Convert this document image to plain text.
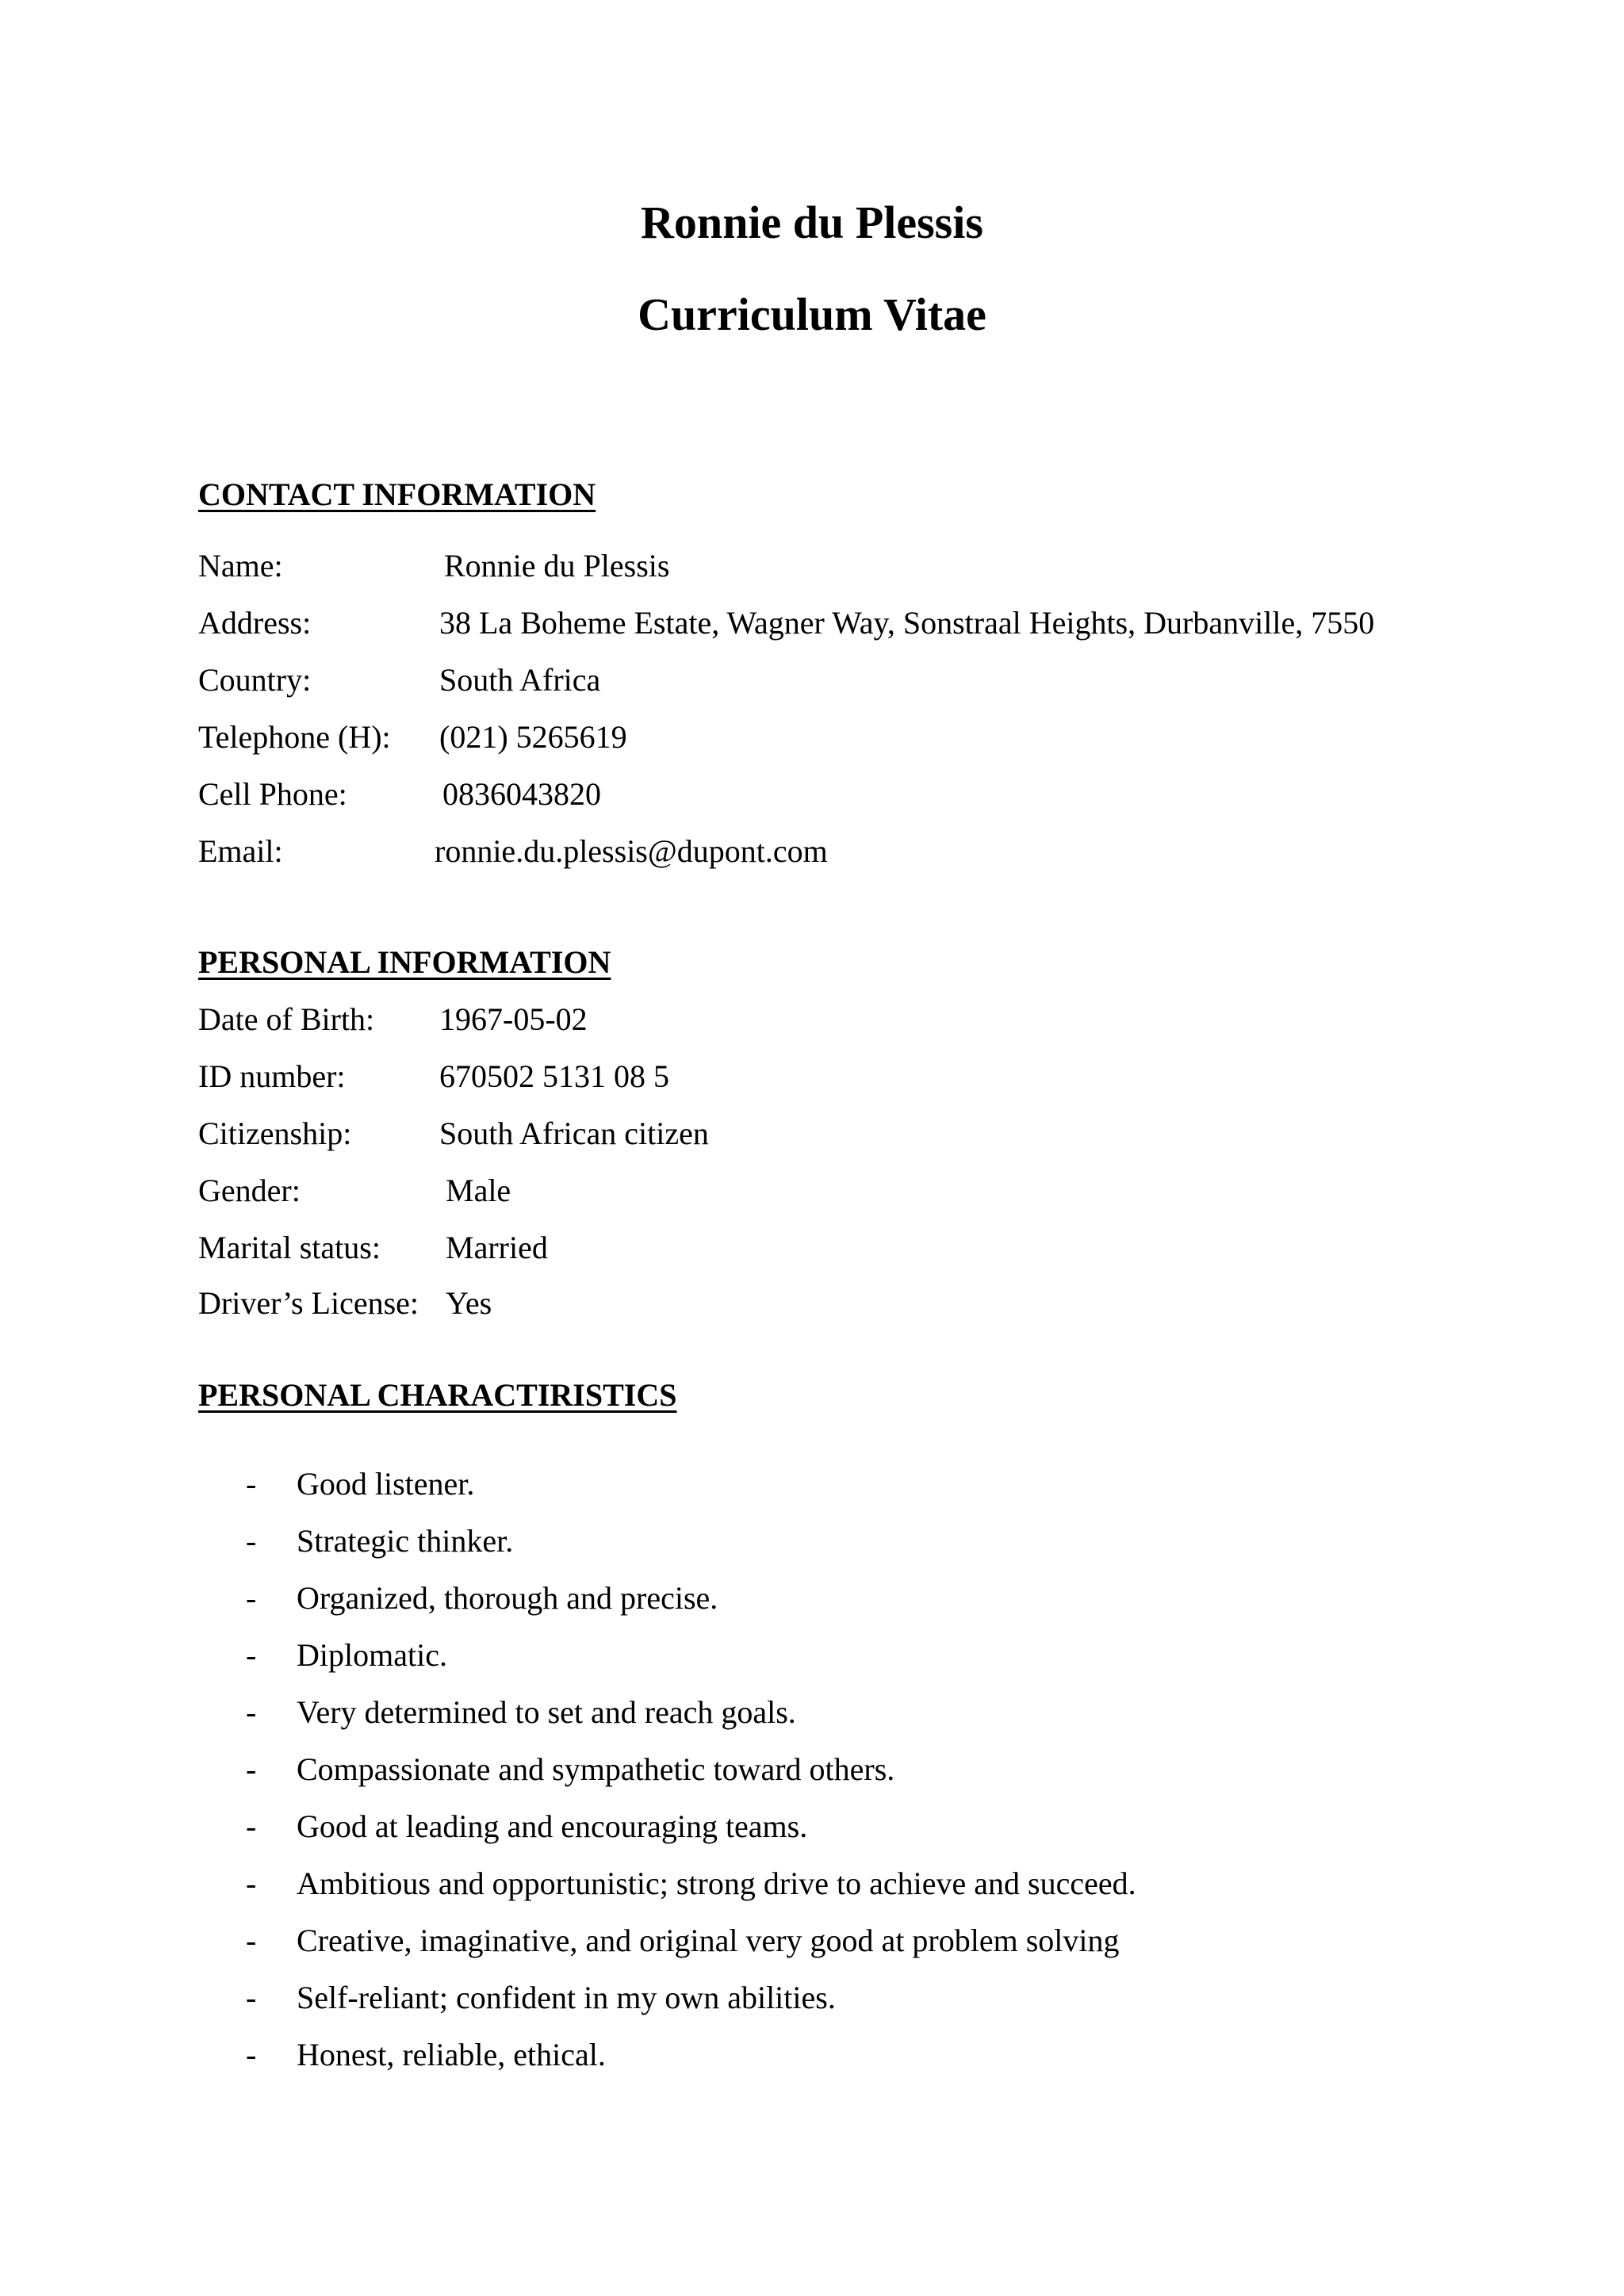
Ronnie du Plessis
Curriculum Vitae
CONTACT INFORMATION
Name:	Ronnie du Plessis
Address:	38 La Boheme Estate, Wagner Way, Sonstraal Heights, Durbanville, 7550
Country:	South Africa
Telephone (H): (021) 5265619
Cell Phone:	0836043820
Email:	ronnie.du.plessis@dupont.com
PERSONAL INFORMATION
Date of Birth: 1967-05-02
ID number:	670502 5131 08 5
Citizenship:	South African citizen
Gender:	Male
Marital status: Married
Driver’s License: Yes
PERSONAL CHARACTIRISTICS
- Good listener.
- Strategic thinker.
- Organized, thorough and precise.
- Diplomatic.
- Very determined to set and reach goals.
- Compassionate and sympathetic toward others.
- Good at leading and encouraging teams.
- Ambitious and opportunistic; strong drive to achieve and succeed.
- Creative, imaginative, and original very good at problem solving
- Self-reliant; confident in my own abilities.
- Honest, reliable, ethical.
